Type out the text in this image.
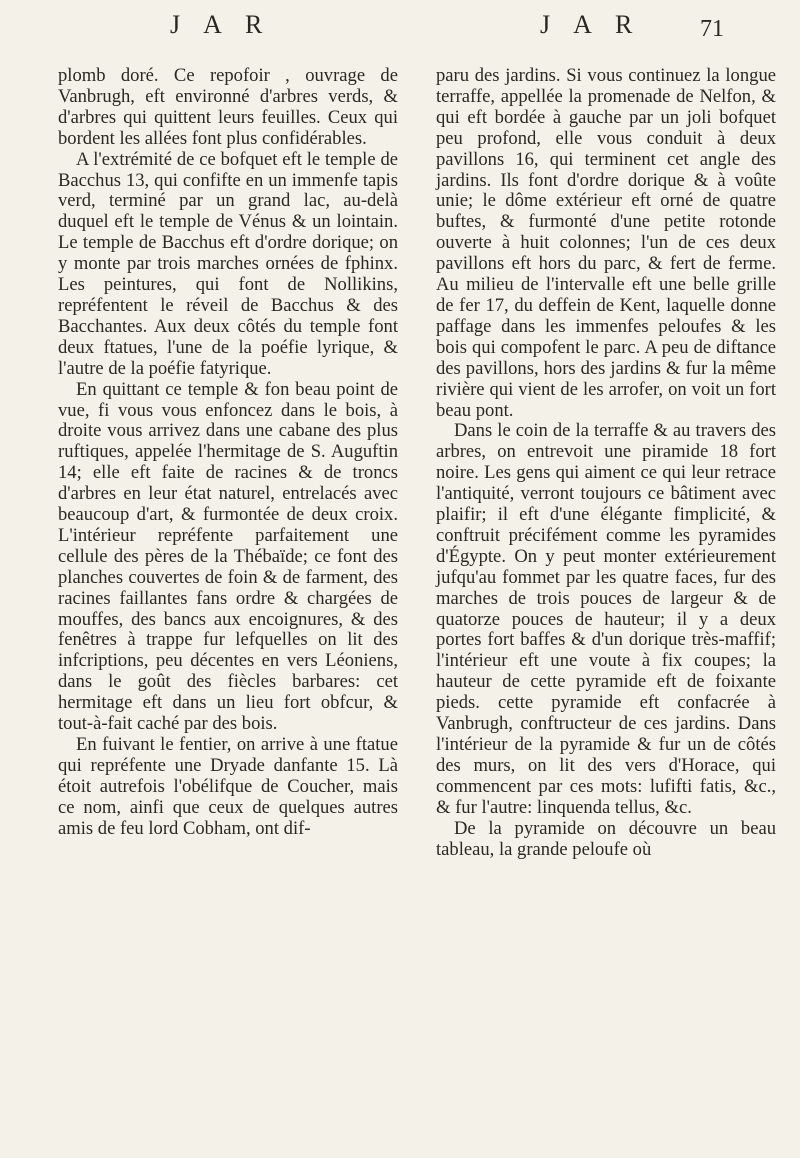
J A R	J A R 71

plomb doré. Ce repofoir , ouvrage de Vanbrugh, eft environné d'arbres verds, & d'arbres qui quittent leurs feuilles. Ceux qui bordent les allées font plus confidérables.

A l'extrémité de ce bofquet eft le temple de Bacchus 13, qui confifte en un immenfe tapis verd, terminé par un grand lac, au-delà duquel eft le temple de Vénus & un lointain. Le temple de Bacchus eft d'ordre dorique; on y monte par trois marches ornées de fphinx. Les peintures, qui font de Nollikins, repréfentent le réveil de Bacchus & des Bacchantes. Aux deux côtés du temple font deux ftatues, l'une de la poéfie lyrique, & l'autre de la poéfie fatyrique.

En quittant ce temple & fon beau point de vue, fi vous vous enfoncez dans le bois, à droite vous arrivez dans une cabane des plus ruftiques, appelée l'hermitage de S. Auguftin 14; elle eft faite de racines & de troncs d'arbres en leur état naturel, entrelacés avec beaucoup d'art, & furmontée de deux croix. L'intérieur repréfente parfaitement une cellule des pères de la Thébaïde; ce font des planches couvertes de foin & de farment, des racines faillantes fans ordre & chargées de mouffes, des bancs aux encoignures, & des fenêtres à trappe fur lefquelles on lit des infcriptions, peu décentes en vers Léoniens, dans le goût des fiècles barbares: cet hermitage eft dans un lieu fort obfcur, & tout-à-fait caché par des bois.

En fuivant le fentier, on arrive à une ftatue qui repréfente une Dryade danfante 15. Là étoit autrefois l'obélifque de Coucher, mais ce nom, ainfi que ceux de quelques autres amis de feu lord Cobham, ont dif-

paru des jardins. Si vous continuez la longue terraffe, appellée la promenade de Nelfon, & qui eft bordée à gauche par un joli bofquet peu profond, elle vous conduit à deux pavillons 16, qui terminent cet angle des jardins. Ils font d'ordre dorique & à voûte unie; le dôme extérieur eft orné de quatre buftes, & furmonté d'une petite rotonde ouverte à huit colonnes; l'un de ces deux pavillons eft hors du parc, & fert de ferme. Au milieu de l'intervalle eft une belle grille de fer 17, du deffein de Kent, laquelle donne paffage dans les immenfes peloufes & les bois qui compofent le parc. A peu de diftance des pavillons, hors des jardins & fur la même rivière qui vient de les arrofer, on voit un fort beau pont.

Dans le coin de la terraffe & au travers des arbres, on entrevoit une piramide 18 fort noire. Les gens qui aiment ce qui leur retrace l'antiquité, verront toujours ce bâtiment avec plaifir; il eft d'une élégante fimplicité, & conftruit précifément comme les pyramides d'Égypte. On y peut monter extérieurement jufqu'au fommet par les quatre faces, fur des marches de trois pouces de largeur & de quatorze pouces de hauteur; il y a deux portes fort baffes & d'un dorique très-maffif; l'intérieur eft une voute à fix coupes; la hauteur de cette pyramide eft de foixante pieds. cette pyramide eft confacrée à Vanbrugh, conftructeur de ces jardins. Dans l'intérieur de la pyramide & fur un de côtés des murs, on lit des vers d'Horace, qui commencent par ces mots: lufifti fatis, &c., & fur l'autre: linquenda tellus, &c.

De la pyramide on découvre un beau tableau, la grande peloufe où
